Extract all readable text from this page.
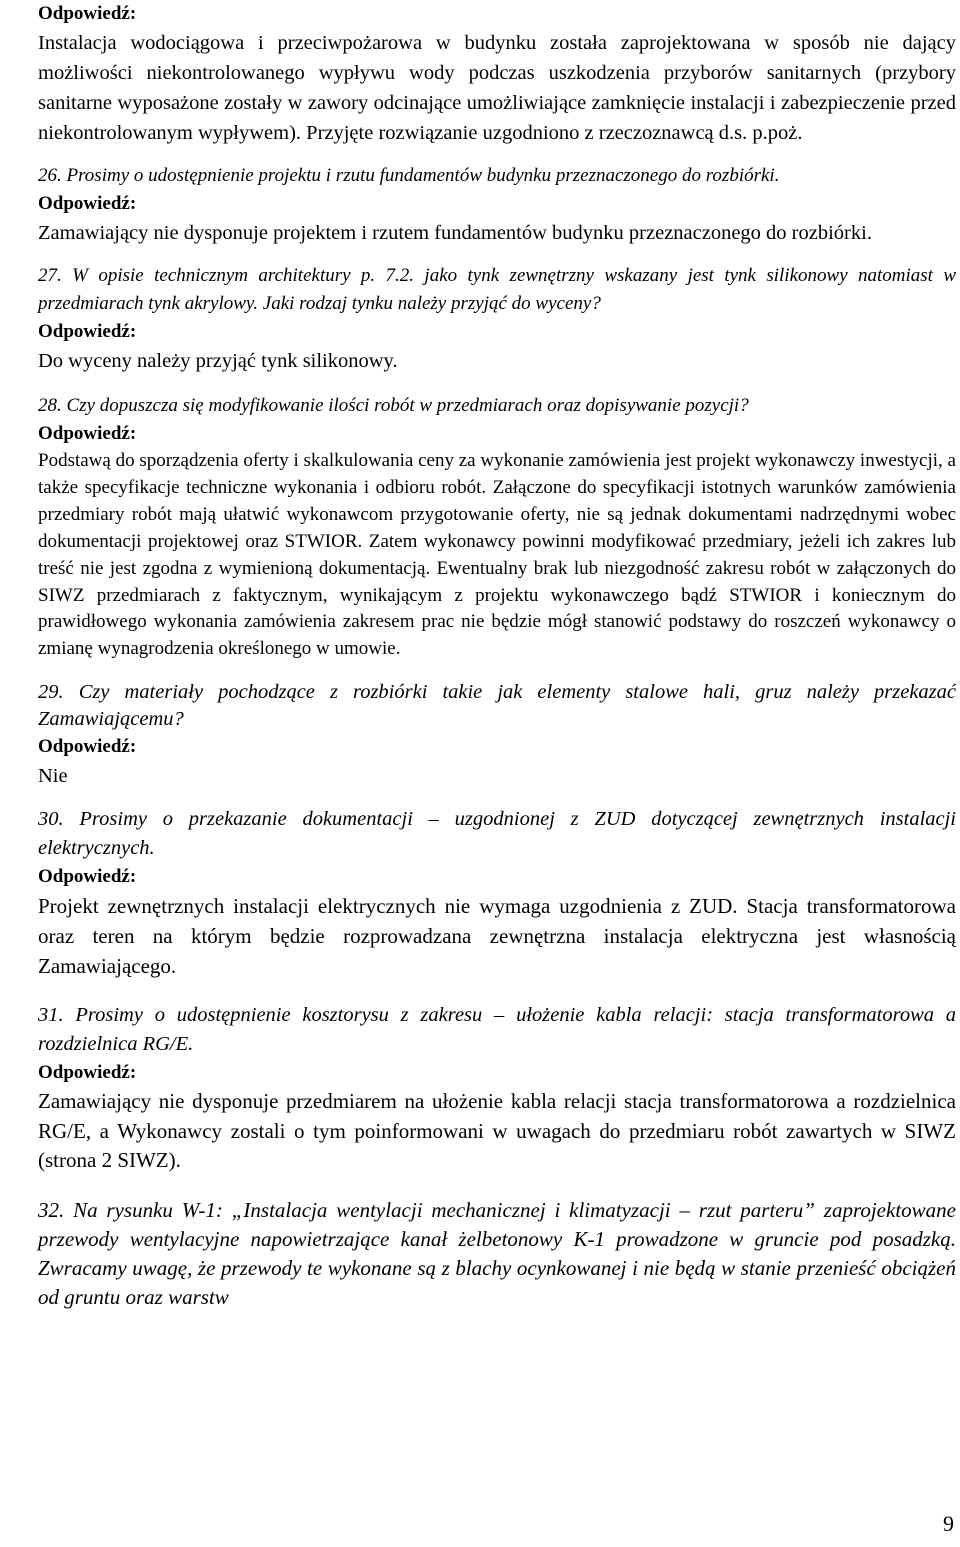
Odpowiedź:

Instalacja wodociągowa i przeciwpożarowa w budynku została zaprojektowana w sposób nie dający możliwości niekontrolowanego wypływu wody podczas uszkodzenia przyborów sanitarnych (przybory sanitarne wyposażone zostały w zawory odcinające umożliwiające zamknięcie instalacji i zabezpieczenie przed niekontrolowanym wypływem). Przyjęte rozwiązanie uzgodniono z rzeczoznawcą d.s. p.poż.

26. Prosimy o udostępnienie projektu i rzutu fundamentów budynku przeznaczonego do rozbiórki.

Odpowiedź:

Zamawiający nie dysponuje projektem i rzutem fundamentów budynku przeznaczonego do rozbiórki.

27. W opisie technicznym architektury p. 7.2. jako tynk zewnętrzny wskazany jest tynk silikonowy natomiast w przedmiarach tynk akrylowy. Jaki rodzaj tynku należy przyjąć do wyceny?

Odpowiedź:

Do wyceny należy przyjąć tynk silikonowy.

28. Czy dopuszcza się modyfikowanie ilości robót w przedmiarach oraz dopisywanie pozycji?

Odpowiedź:

Podstawą do sporządzenia oferty i skalkulowania ceny za wykonanie zamówienia jest projekt wykonawczy inwestycji, a także specyfikacje techniczne wykonania i odbioru robót. Załączone do specyfikacji istotnych warunków zamówienia przedmiary robót mają ułatwić wykonawcom przygotowanie oferty, nie są jednak dokumentami nadrzędnymi wobec dokumentacji projektowej oraz STWIOR. Zatem wykonawcy powinni modyfikować przedmiary, jeżeli ich zakres lub treść nie jest zgodna z wymienioną dokumentacją. Ewentualny brak lub niezgodność zakresu robót w załączonych do SIWZ przedmiarach z faktycznym, wynikającym z projektu wykonawczego bądź STWIOR i koniecznym do prawidłowego wykonania zamówienia zakresem prac nie będzie mógł stanowić podstawy do roszczeń wykonawcy o zmianę wynagrodzenia określonego w umowie.

29. Czy materiały pochodzące z rozbiórki takie jak elementy stalowe hali, gruz należy przekazać Zamawiającemu?

Odpowiedź:

Nie

30. Prosimy o przekazanie dokumentacji – uzgodnionej z ZUD dotyczącej zewnętrznych instalacji elektrycznych.

Odpowiedź:

Projekt zewnętrznych instalacji elektrycznych nie wymaga uzgodnienia z ZUD. Stacja transformatorowa oraz teren na którym będzie rozprowadzana zewnętrzna instalacja elektryczna jest własnością Zamawiającego.

31. Prosimy o udostępnienie kosztorysu z zakresu – ułożenie kabla relacji: stacja transformatorowa a rozdzielnica RG/E.

Odpowiedź:

Zamawiający nie dysponuje przedmiarem na ułożenie kabla relacji stacja transformatorowa a rozdzielnica RG/E, a Wykonawcy zostali o tym poinformowani w uwagach do przedmiaru robót zawartych w SIWZ (strona 2 SIWZ).

32. Na rysunku W-1: „Instalacja wentylacji mechanicznej i klimatyzacji – rzut parteru” zaprojektowane przewody wentylacyjne napowietrzające kanał żelbetonowy K-1 prowadzone w gruncie pod posadzką. Zwracamy uwagę, że przewody te wykonane są z blachy ocynkowanej i nie będą w stanie przenieść obciążeń od gruntu oraz warstw

9
